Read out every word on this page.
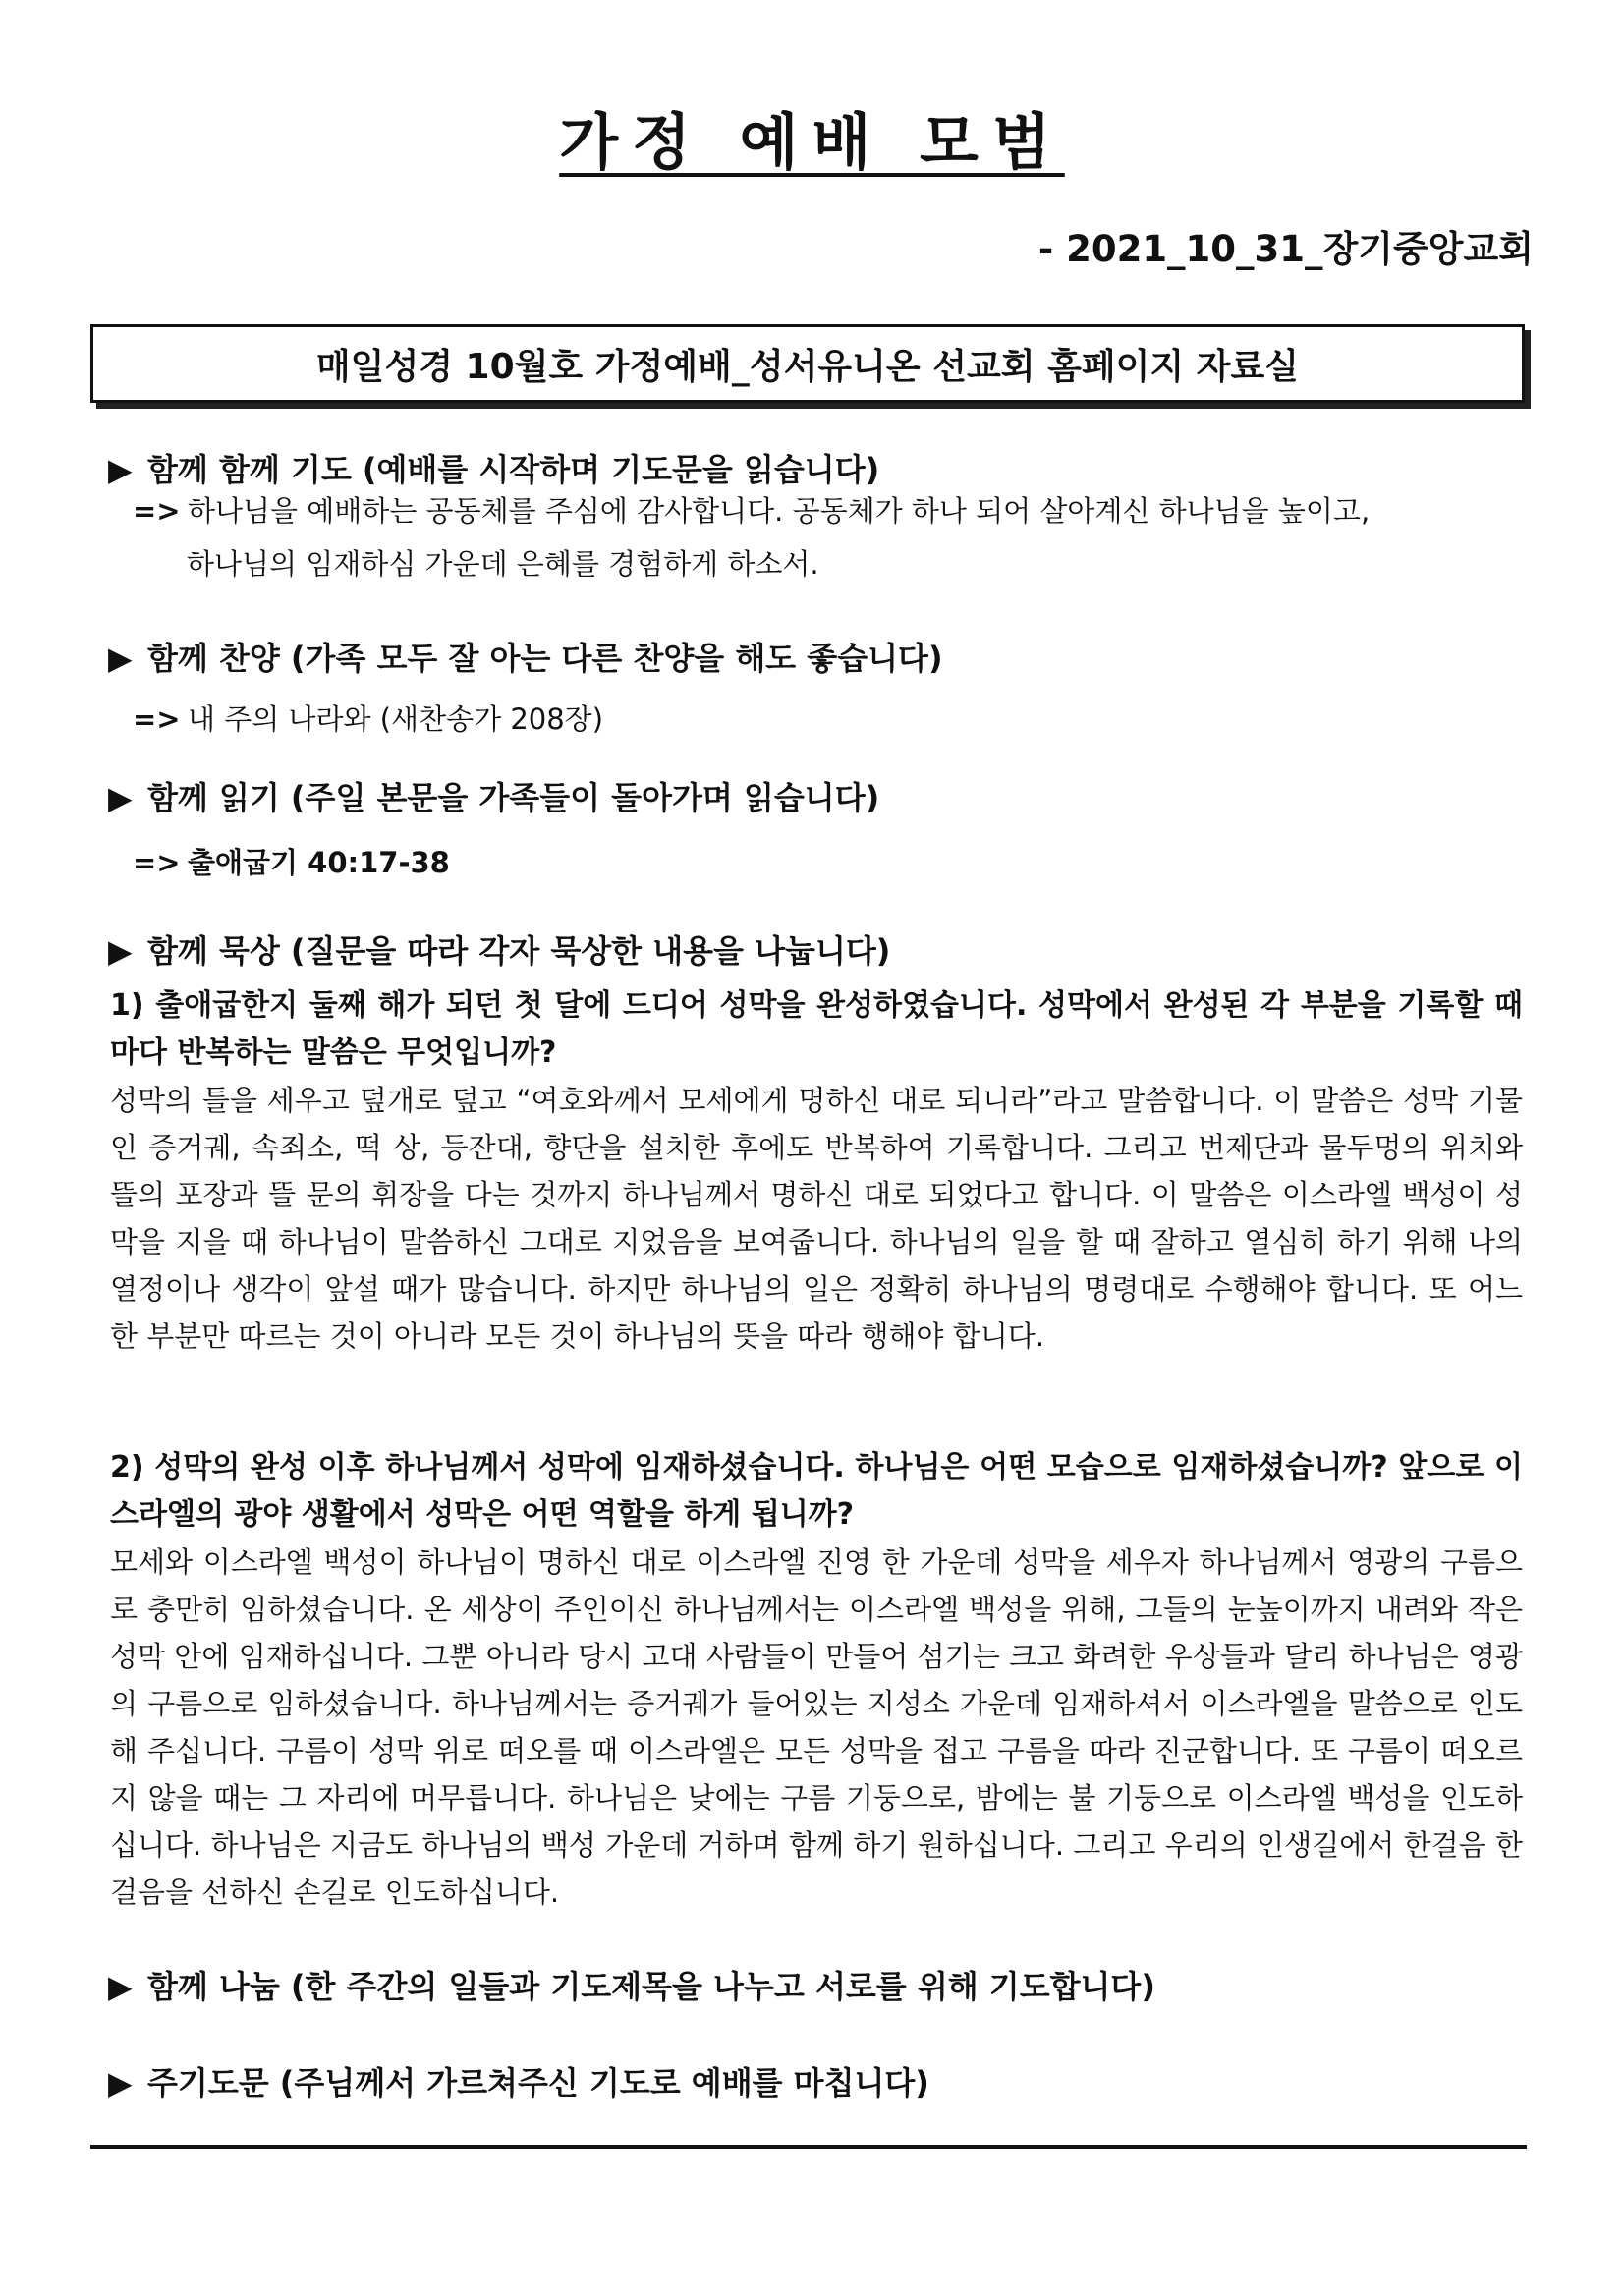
가정 예배 모범
- 2021_10_31_장기중앙교회
매일성경 10월호 가정예배_성서유니온 선교회 홈페이지 자료실
▶ 함께 함께 기도 (예배를 시작하며 기도문을 읽습니다)
=> 하나님을 예배하는 공동체를 주심에 감사합니다. 공동체가 하나 되어 살아계신 하나님을 높이고,
하나님의 임재하심 가운데 은혜를 경험하게 하소서.
▶ 함께 찬양 (가족 모두 잘 아는 다른 찬양을 해도 좋습니다)
=> 내 주의 나라와 (새찬송가 208장)
▶ 함께 읽기 (주일 본문을 가족들이 돌아가며 읽습니다)
=> 출애굽기 40:17-38
▶ 함께 묵상 (질문을 따라 각자 묵상한 내용을 나눕니다)
1) 출애굽한지 둘째 해가 되던 첫 달에 드디어 성막을 완성하였습니다. 성막에서 완성된 각 부분을 기록할 때마다 반복하는 말씀은 무엇입니까?
성막의 틀을 세우고 덮개로 덮고 “여호와께서 모세에게 명하신 대로 되니라”라고 말씀합니다. 이 말씀은 성막 기물인 증거궤, 속죄소, 떡 상, 등잔대, 향단을 설치한 후에도 반복하여 기록합니다. 그리고 번제단과 물두멍의 위치와 뜰의 포장과 뜰 문의 휘장을 다는 것까지 하나님께서 명하신 대로 되었다고 합니다. 이 말씀은 이스라엘 백성이 성막을 지을 때 하나님이 말씀하신 그대로 지었음을 보여줍니다. 하나님의 일을 할 때 잘하고 열심히 하기 위해 나의 열정이나 생각이 앞설 때가 많습니다. 하지만 하나님의 일은 정확히 하나님의 명령대로 수행해야 합니다. 또 어느 한 부분만 따르는 것이 아니라 모든 것이 하나님의 뜻을 따라 행해야 합니다.
2) 성막의 완성 이후 하나님께서 성막에 임재하셨습니다. 하나님은 어떤 모습으로 임재하셨습니까? 앞으로 이스라엘의 광야 생활에서 성막은 어떤 역할을 하게 됩니까?
모세와 이스라엘 백성이 하나님이 명하신 대로 이스라엘 진영 한 가운데 성막을 세우자 하나님께서 영광의 구름으로 충만히 임하셨습니다. 온 세상이 주인이신 하나님께서는 이스라엘 백성을 위해, 그들의 눈높이까지 내려와 작은 성막 안에 임재하십니다. 그뿐 아니라 당시 고대 사람들이 만들어 섬기는 크고 화려한 우상들과 달리 하나님은 영광의 구름으로 임하셨습니다. 하나님께서는 증거궤가 들어있는 지성소 가운데 임재하셔서 이스라엘을 말씀으로 인도해 주십니다. 구름이 성막 위로 떠오를 때 이스라엘은 모든 성막을 접고 구름을 따라 진군합니다. 또 구름이 떠오르지 않을 때는 그 자리에 머무릅니다. 하나님은 낮에는 구름 기둥으로, 밤에는 불 기둥으로 이스라엘 백성을 인도하십니다. 하나님은 지금도 하나님의 백성 가운데 거하며 함께 하기 원하십니다. 그리고 우리의 인생길에서 한걸음 한걸음을 선하신 손길로 인도하십니다.
▶ 함께 나눔 (한 주간의 일들과 기도제목을 나누고 서로를 위해 기도합니다)
▶ 주기도문 (주님께서 가르쳐주신 기도로 예배를 마칩니다)
